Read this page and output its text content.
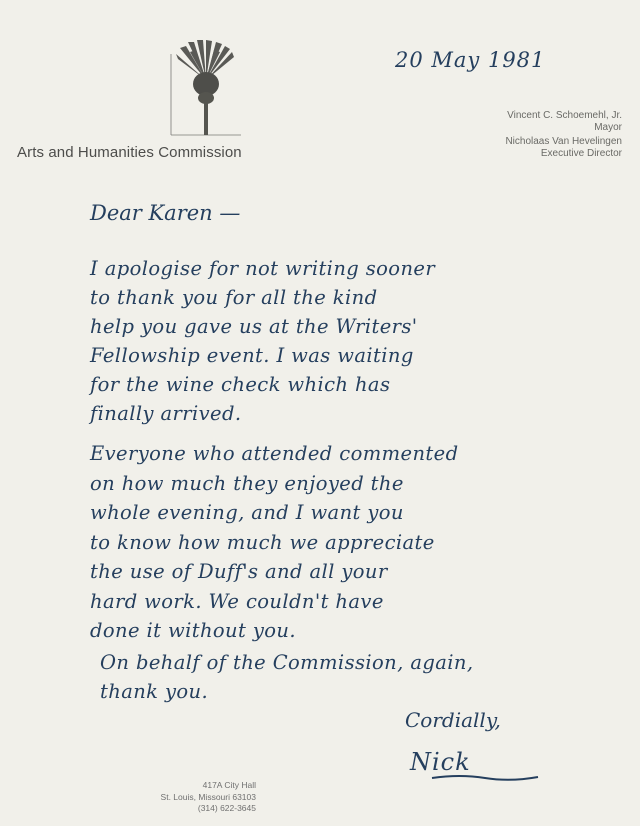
Arts and Humanities Commission
Vincent C. Schoemehl, Jr.
Mayor
Nicholaas Van Hevelingen
Executive Director
20 May 1981
Dear Karen —

I apologise for not writing sooner

to thank you for all the kind

help you gave us at the Writers'

Fellowship event. I was waiting

for the wine check which has

finally arrived.

Everyone who attended commented

on how much they enjoyed the

whole evening, and I want you

to know how much we appreciate

the use of Duff's and all your

hard work. We couldn't have

done it without you.

On behalf of the Commission, again,

thank you.

Cordially,
Nick
417A City Hall
St. Louis, Missouri 63103
(314) 622-3645
